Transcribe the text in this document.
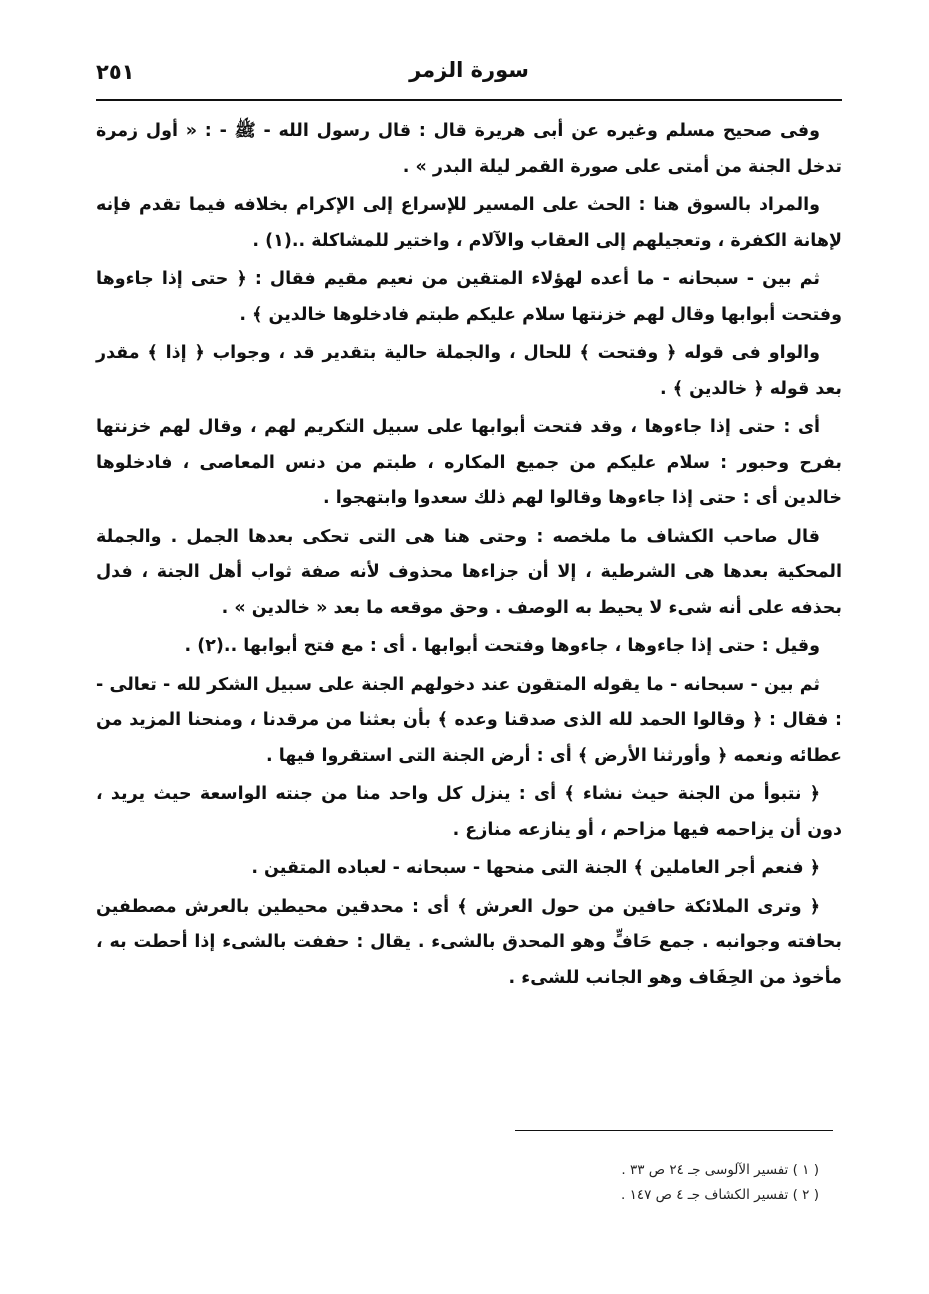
٢٥١	سورة الزمر

وفى صحيح مسلم وغيره عن أبى هريرة قال : قال رسول الله - ﷺ - : « أول زمرة تدخل الجنة من أمتى على صورة القمر ليلة البدر » .

والمراد بالسوق هنا : الحث على المسير للإسراع إلى الإكرام بخلافه فيما تقدم فإنه لإهانة الكفرة ، وتعجيلهم إلى العقاب والآلام ، واختير للمشاكلة ..(١) .

ثم بين - سبحانه - ما أعده لهؤلاء المتقين من نعيم مقيم فقال : ﴿ حتى إذا جاءوها وفتحت أبوابها وقال لهم خزنتها سلام عليكم طبتم فادخلوها خالدين ﴾ .

والواو فى قوله ﴿ وفتحت ﴾ للحال ، والجملة حالية بتقدير قد ، وجواب ﴿ إذا ﴾ مقدر بعد قوله ﴿ خالدين ﴾ .

أى : حتى إذا جاءوها ، وقد فتحت أبوابها على سبيل التكريم لهم ، وقال لهم خزنتها بفرح وحبور : سلام عليكم من جميع المكاره ، طبتم من دنس المعاصى ، فادخلوها خالدين أى : حتى إذا جاءوها وقالوا لهم ذلك سعدوا وابتهجوا .

قال صاحب الكشاف ما ملخصه : وحتى هنا هى التى تحكى بعدها الجمل . والجملة المحكية بعدها هى الشرطية ، إلا أن جزاءها محذوف لأنه صفة ثواب أهل الجنة ، فدل بحذفه على أنه شىء لا يحيط به الوصف . وحق موقعه ما بعد « خالدين » .

وقيل : حتى إذا جاءوها ، جاءوها وفتحت أبوابها . أى : مع فتح أبوابها ..(٢) .

ثم بين - سبحانه - ما يقوله المتقون عند دخولهم الجنة على سبيل الشكر لله - تعالى - : فقال : ﴿ وقالوا الحمد لله الذى صدقنا وعده ﴾ بأن بعثنا من مرقدنا ، ومنحنا المزيد من عطائه ونعمه ﴿ وأورثنا الأرض ﴾ أى : أرض الجنة التى استقروا فيها .

﴿ نتبوأ من الجنة حيث نشاء ﴾ أى : ينزل كل واحد منا من جنته الواسعة حيث يريد ، دون أن يزاحمه فيها مزاحم ، أو ينازعه منازع .

﴿ فنعم أجر العاملين ﴾ الجنة التى منحها - سبحانه - لعباده المتقين .

﴿ وترى الملائكة حافين من حول العرش ﴾ أى : محدقين محيطين بالعرش مصطفين بحافته وجوانبه . جمع حَافٍّ وهو المحدق بالشىء . يقال : حففت بالشىء إذا أحطت به ، مأخوذ من الحِفَاف وهو الجانب للشىء .

( ١ ) تفسير الآلوسى جـ ٢٤ ص ٣٣ .
( ٢ ) تفسير الكشاف جـ ٤ ص ١٤٧ .
